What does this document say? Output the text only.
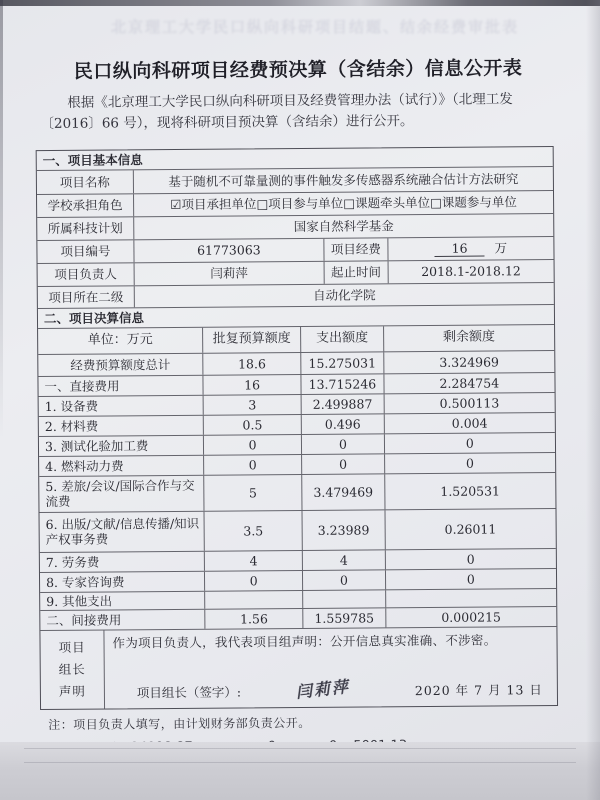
北京理工大学民口纵向科研项目结题、结余经费审批表
民口纵向科研项目经费预决算（含结余）信息公开表

根据《北京理工大学民口纵向科研项目及经费管理办法（试行）》（北理工发〔2016〕66 号），现将科研项目预决算（含结余）进行公开。

一、项目基本信息
项目名称	基于随机不可靠量测的事件触发多传感器系统融合估计方法研究
学校承担角色	☑项目承担单位□项目参与单位□课题牵头单位□课题参与单位
所属科技计划	国家自然科学基金
项目编号	61773063	项目经费	16	万
项目负责人	闫莉萍	起止时间	2018.1-2018.12
项目所在二级	自动化学院
二、项目决算信息
单位：万元	批复预算额度	支出额度	剩余额度
经费预算额度总计	18.6	15.275031	3.324969
一、直接费用	16	13.715246	2.284754
1. 设备费	3	2.499887	0.500113
2. 材料费	0.5	0.496	0.004
3. 测试化验加工费	0	0	0
4. 燃料动力费	0	0	0
5. 差旅/会议/国际合作与交流费
5	3.479469	1.520531
6. 出版/文献/信息传播/知识产权事务费
3.5	3.23989	0.26011
7. 劳务费	4	4	0
8. 专家咨询费	0	0	0
9. 其他支出
二、间接费用	1.56	1.559785	0.000215
项目
组长
声明
作为项目负责人，我代表项目组声明：公开信息真实准确、不涉密。
项目组长（签字）:	闫莉萍	2020 年 7 月 13 日

注：项目负责人填写，由计划财务部负责公开。
